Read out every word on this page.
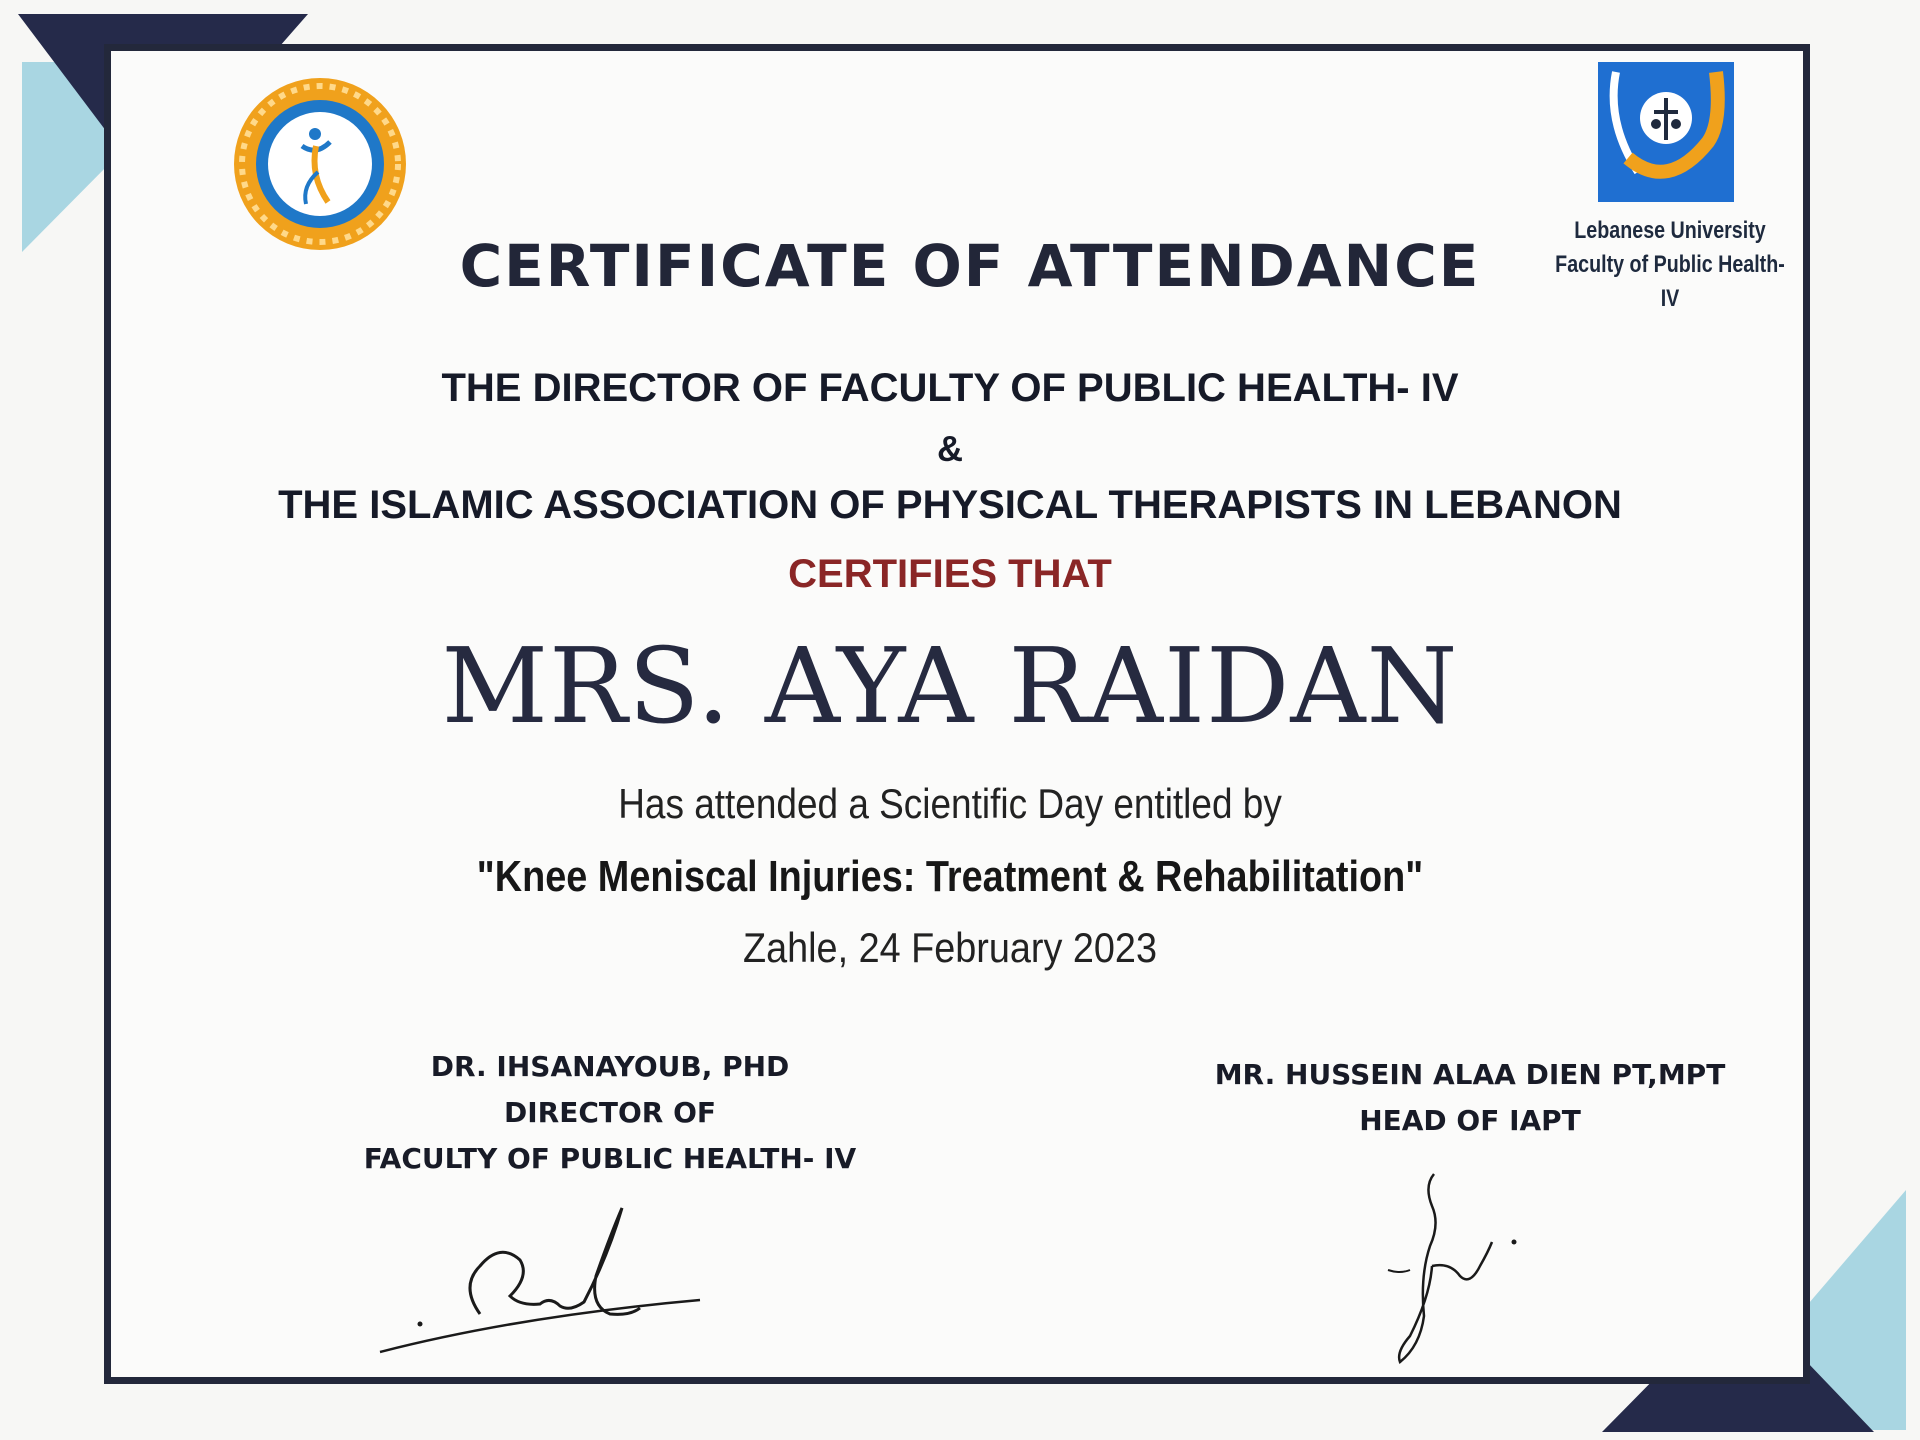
Lebanese University
Faculty of Public Health- IV
CERTIFICATE OF ATTENDANCE
THE DIRECTOR OF FACULTY OF PUBLIC HEALTH- IV
&
THE ISLAMIC ASSOCIATION OF PHYSICAL THERAPISTS IN LEBANON
CERTIFIES THAT
MRS. AYA RAIDAN
Has attended a Scientific Day entitled by
"Knee Meniscal Injuries: Treatment & Rehabilitation"
Zahle, 24 February 2023
DR. IHSANAYOUB, PHD
DIRECTOR OF
FACULTY OF PUBLIC HEALTH- IV
MR. HUSSEIN ALAA DIEN PT,MPT
HEAD OF IAPT
